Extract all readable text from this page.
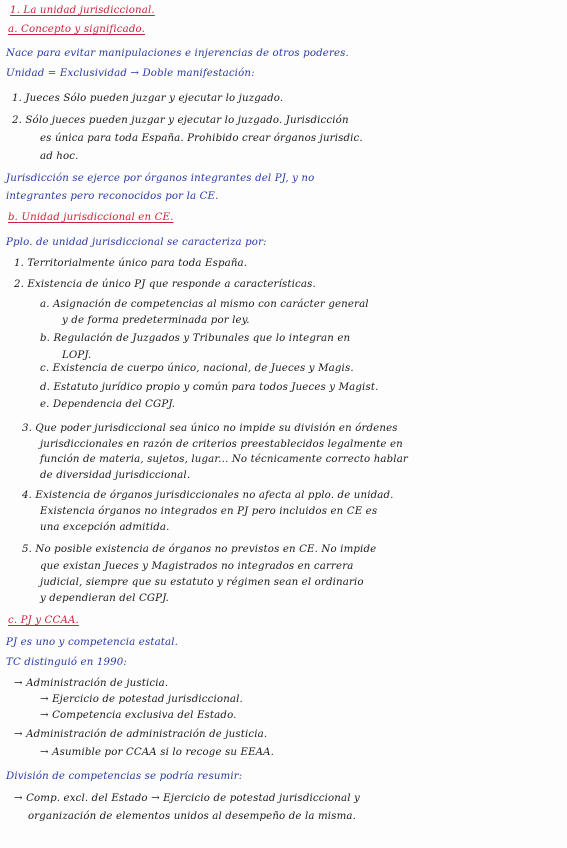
1. La unidad jurisdiccional.
a. Concepto y significado.
Nace para evitar manipulaciones e injerencias de otros poderes.
Unidad = Exclusividad → Doble manifestación:
1. Jueces Sólo pueden juzgar y ejecutar lo juzgado.
2. Sólo jueces pueden juzgar y ejecutar lo juzgado. Jurisdicción
es única para toda España. Prohibido crear órganos jurisdic.
ad hoc.
Jurisdicción se ejerce por órganos integrantes del PJ, y no
integrantes pero reconocidos por la CE.
b. Unidad jurisdiccional en CE.
Pplo. de unidad jurisdiccional se caracteriza por:
1. Territorialmente único para toda España.
2. Existencia de único PJ que responde a características.
a. Asignación de competencias al mismo con carácter general
y de forma predeterminada por ley.
b. Regulación de Juzgados y Tribunales que lo integran en
LOPJ.
c. Existencia de cuerpo único, nacional, de Jueces y Magis.
d. Estatuto jurídico propio y común para todos Jueces y Magist.
e. Dependencia del CGPJ.
3. Que poder jurisdiccional sea único no impide su división en órdenes
jurisdiccionales en razón de criterios preestablecidos legalmente en
función de materia, sujetos, lugar... No técnicamente correcto hablar
de diversidad jurisdiccional.
4. Existencia de órganos jurisdiccionales no afecta al pplo. de unidad.
Existencia órganos no integrados en PJ pero incluidos en CE es
una excepción admitida.
5. No posible existencia de órganos no previstos en CE. No impide
que existan Jueces y Magistrados no integrados en carrera
judicial, siempre que su estatuto y régimen sean el ordinario
y dependieran del CGPJ.
c. PJ y CCAA.
PJ es uno y competencia estatal.
TC distinguió en 1990:
→ Administración de justicia.
→ Ejercicio de potestad jurisdiccional.
→ Competencia exclusiva del Estado.
→ Administración de administración de justicia.
→ Asumible por CCAA si lo recoge su EEAA.
División de competencias se podría resumir:
→ Comp. excl. del Estado → Ejercicio de potestad jurisdiccional y
organización de elementos unidos al desempeño de la misma.
